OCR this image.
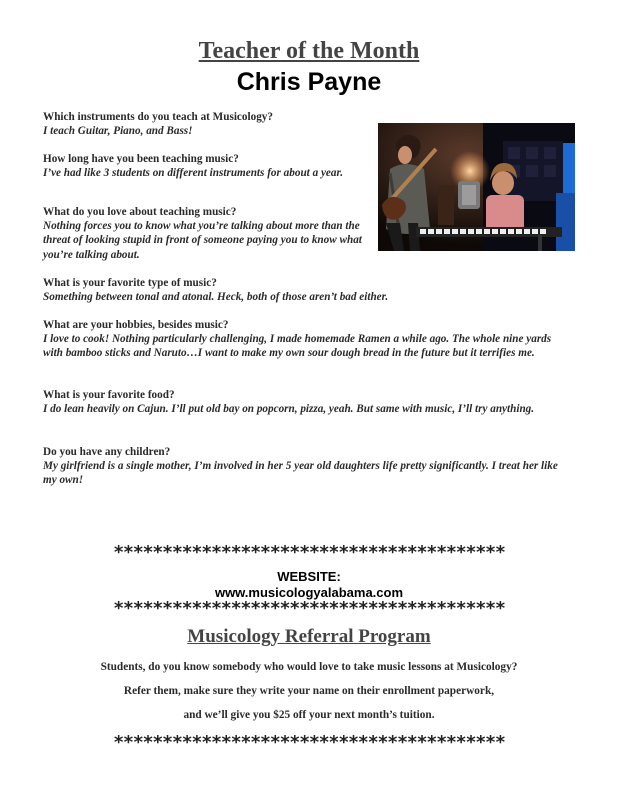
Teacher of the Month
Chris Payne
Which instruments do you teach at Musicology?
I teach Guitar, Piano, and Bass!
How long have you been teaching music?
I’ve had like 3 students on different instruments for about a year.
What do you love about teaching music?
Nothing forces you to know what you’re talking about more than the threat of looking stupid in front of someone paying you to know what you’re talking about.
What is your favorite type of music?
Something between tonal and atonal. Heck, both of those aren’t bad either.
What are your hobbies, besides music?
I love to cook! Nothing particularly challenging, I made homemade Ramen a while ago. The whole nine yards with bamboo sticks and Naruto…I want to make my own sour dough bread in the future but it terrifies me.
What is your favorite food?
I do lean heavily on Cajun. I’ll put old bay on popcorn, pizza, yeah. But same with music, I’ll try anything.
Do you have any children?
My girlfriend is a single mother, I’m involved in her 5 year old daughters life pretty significantly. I treat her like my own!
****************************************
WEBSITE:
www.musicologyalabama.com
****************************************
Musicology Referral Program
Students, do you know somebody who would love to take music lessons at Musicology?
Refer them, make sure they write your name on their enrollment paperwork,
and we’ll give you $25 off your next month’s tuition.
****************************************
